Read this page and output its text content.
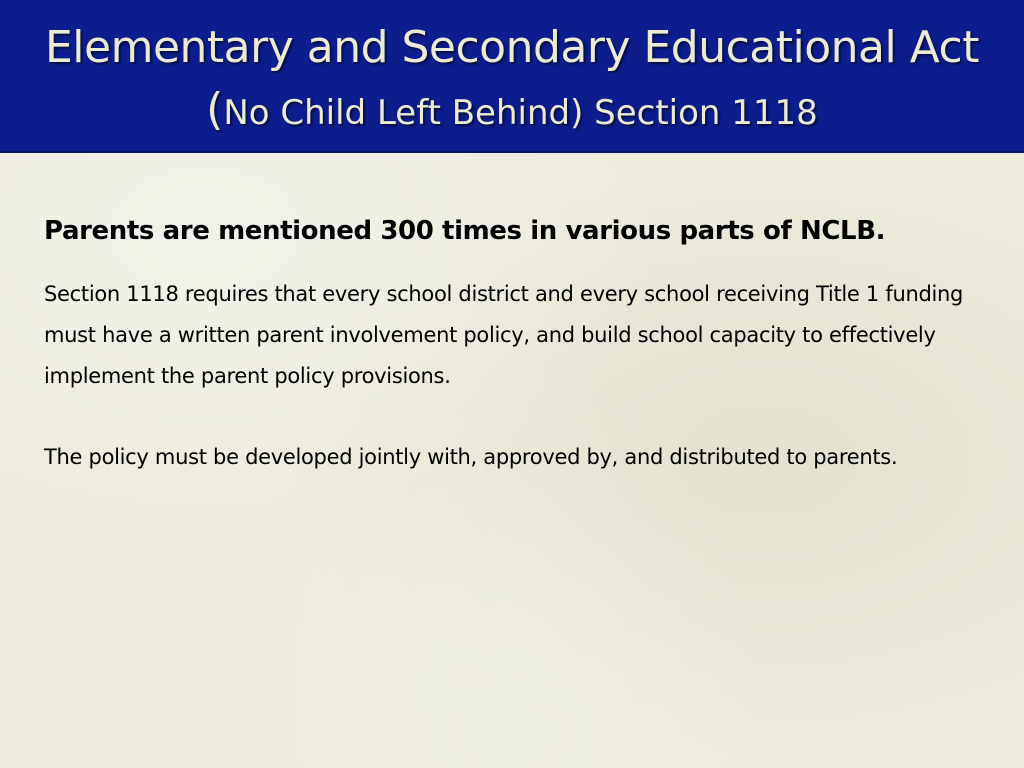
Elementary and Secondary Educational Act
(No Child Left Behind) Section 1118

Parents are mentioned 300 times in various parts of NCLB.

Section 1118 requires that every school district and every school receiving Title 1 funding must have a written parent involvement policy, and build school capacity to effectively implement the parent policy provisions.

The policy must be developed jointly with, approved by, and distributed to parents.
